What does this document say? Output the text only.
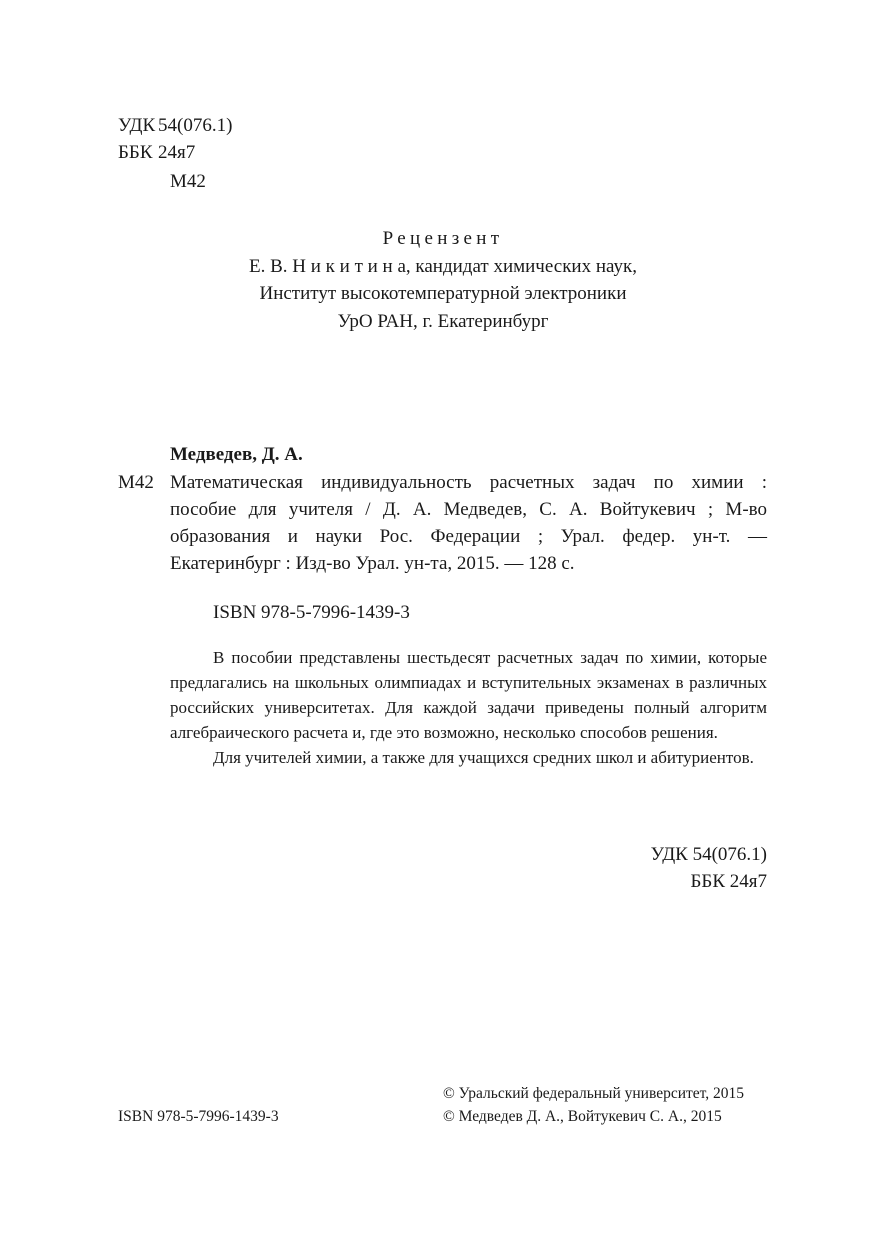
УДК 54(076.1)
ББК 24я7
М42
Рецензент
Е. В. Н и к и т и н а, кандидат химических наук,
Институт высокотемпературной электроники
УрО РАН, г. Екатеринбург
Медведев, Д. А.
М42 Математическая индивидуальность расчетных задач по химии :
пособие для учителя / Д. А. Медведев, С. А. Войтукевич ; М-во
образования и науки Рос. Федерации ; Урал. федер. ун-т. —
Екатеринбург : Изд-во Урал. ун-та, 2015. — 128 с.
ISBN 978-5-7996-1439-3

В пособии представлены шестьдесят расчетных задач по химии, которые предлагались на школьных олимпиадах и вступительных экзаменах в различных российских университетах. Для каждой задачи приведены полный алгоритм алгебраического расчета и, где это возможно, несколько способов решения.

Для учителей химии, а также для учащихся средних школ и абитуриентов.

УДК 54(076.1)
ББК 24я7
© Уральский федеральный университет, 2015
ISBN 978-5-7996-1439-3	© Медведев Д. А., Войтукевич С. А., 2015
